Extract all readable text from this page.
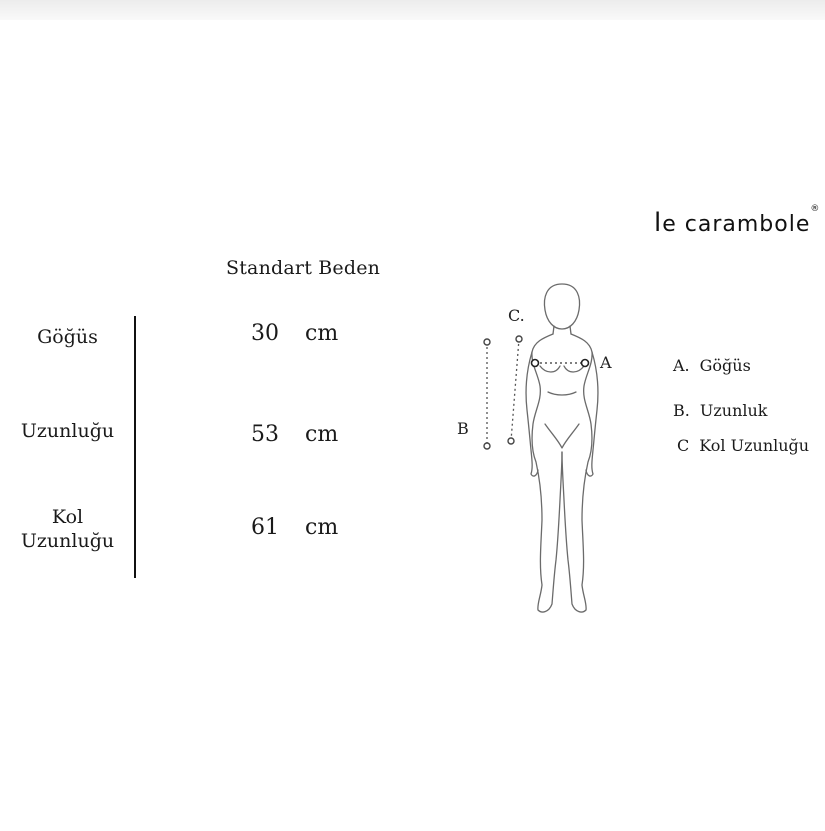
le carambole
®
Standart Beden
Göğüs	30 cm
Uzunluğu	53 cm
Kol
Uzunluğu
61 cm
A
B
C.
A. Göğüs
B. Uzunluk
C Kol Uzunluğu
